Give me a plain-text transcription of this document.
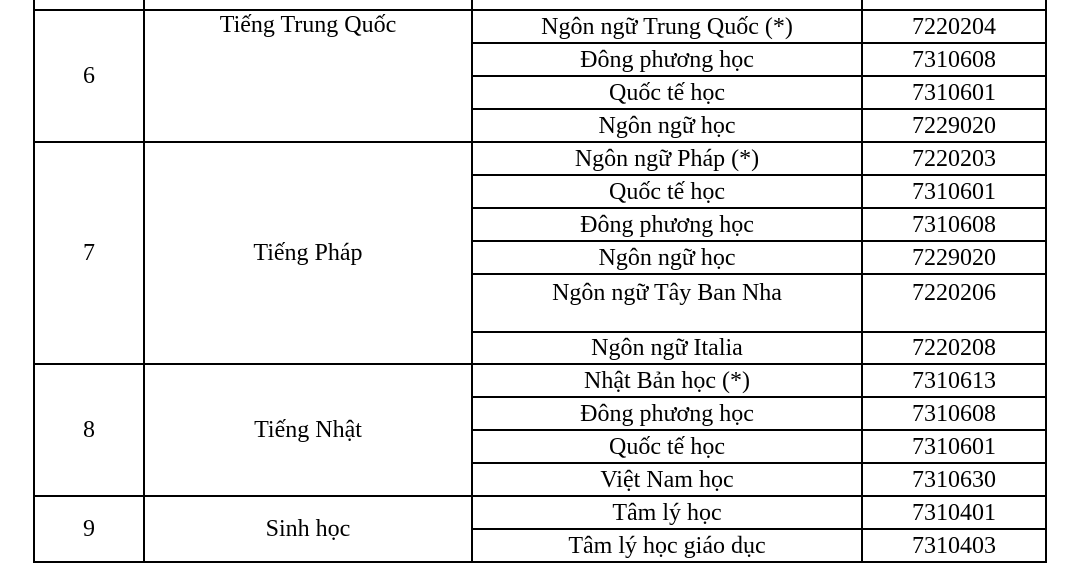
6	Tiếng Trung Quốc	Ngôn ngữ Trung Quốc (*)	7220204
		Đông phương học	7310608
		Quốc tế học	7310601
		Ngôn ngữ học	7229020
7	Tiếng Pháp	Ngôn ngữ Pháp (*)	7220203
		Quốc tế học	7310601
		Đông phương học	7310608
		Ngôn ngữ học	7229020
		Ngôn ngữ Tây Ban Nha	7220206
		Ngôn ngữ Italia	7220208
8	Tiếng Nhật	Nhật Bản học (*)	7310613
		Đông phương học	7310608
		Quốc tế học	7310601
		Việt Nam học	7310630
9	Sinh học	Tâm lý học	7310401
		Tâm lý học giáo dục	7310403
